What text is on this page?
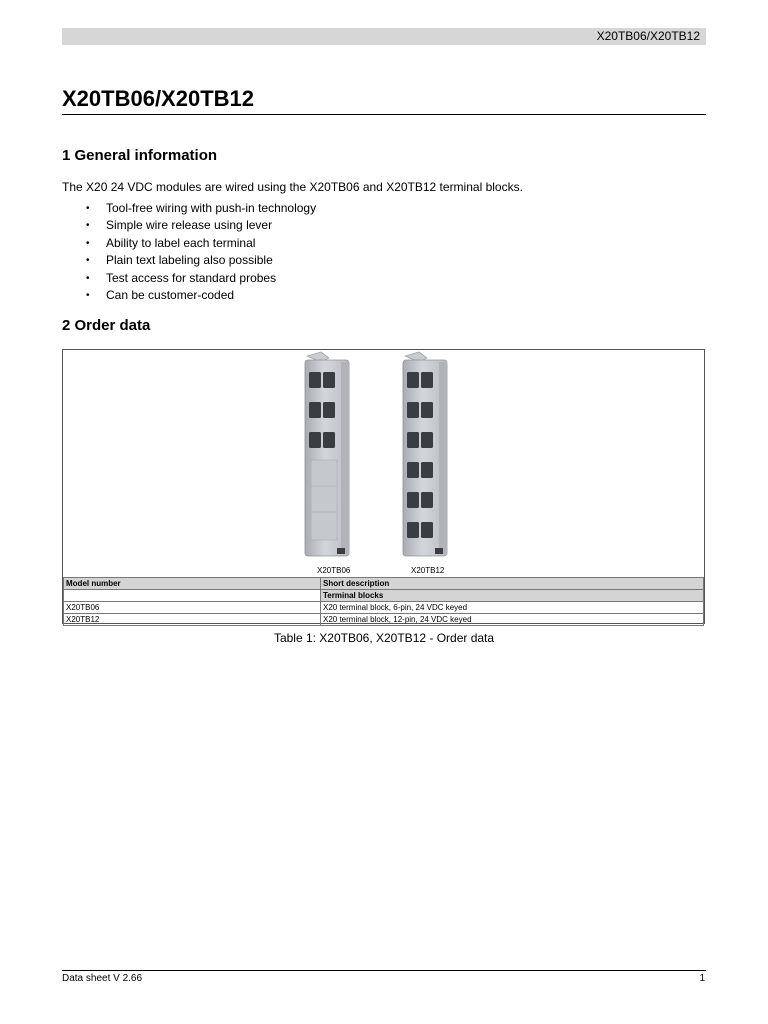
X20TB06/X20TB12
X20TB06/X20TB12
1 General information

The X20 24 VDC modules are wired using the X20TB06 and X20TB12 terminal blocks.

• Tool-free wiring with push-in technology
• Simple wire release using lever
• Ability to label each terminal
• Plain text labeling also possible
• Test access for standard probes
• Can be customer-coded
2 Order data
X20TB06	X20TB12
Model number	Short description
	Terminal blocks
X20TB06	X20 terminal block, 6-pin, 24 VDC keyed
X20TB12	X20 terminal block, 12-pin, 24 VDC keyed
Table 1: X20TB06, X20TB12 - Order data
Data sheet V 2.66	1
